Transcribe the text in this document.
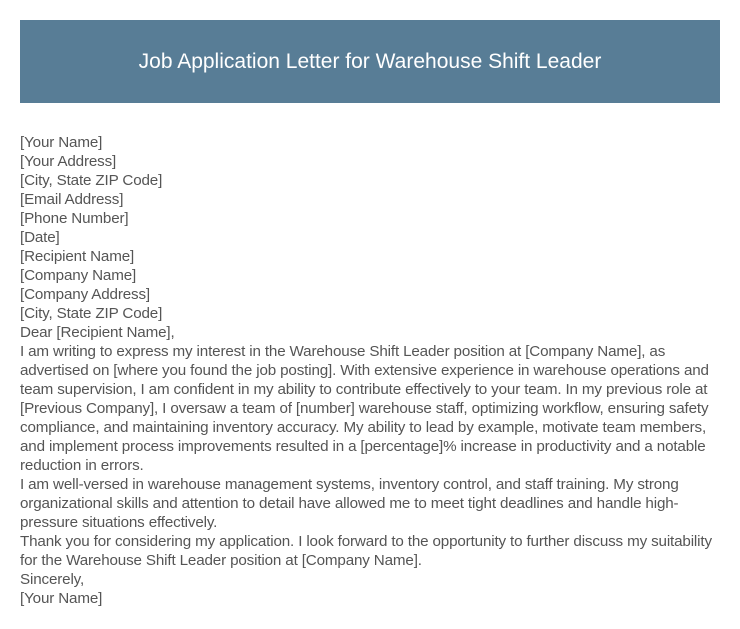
Job Application Letter for Warehouse Shift Leader

[Your Name]

[Your Address]

[City, State ZIP Code]

[Email Address]

[Phone Number]

[Date]

[Recipient Name]

[Company Name]

[Company Address]

[City, State ZIP Code]

Dear [Recipient Name],

I am writing to express my interest in the Warehouse Shift Leader position at [Company Name], as advertised on [where you found the job posting]. With extensive experience in warehouse operations and team supervision, I am confident in my ability to contribute effectively to your team. In my previous role at [Previous Company], I oversaw a team of [number] warehouse staff, optimizing workflow, ensuring safety compliance, and maintaining inventory accuracy. My ability to lead by example, motivate team members, and implement process improvements resulted in a [percentage]% increase in productivity and a notable reduction in errors.

I am well-versed in warehouse management systems, inventory control, and staff training. My strong organizational skills and attention to detail have allowed me to meet tight deadlines and handle high-pressure situations effectively.

Thank you for considering my application. I look forward to the opportunity to further discuss my suitability for the Warehouse Shift Leader position at [Company Name].

Sincerely,

[Your Name]
